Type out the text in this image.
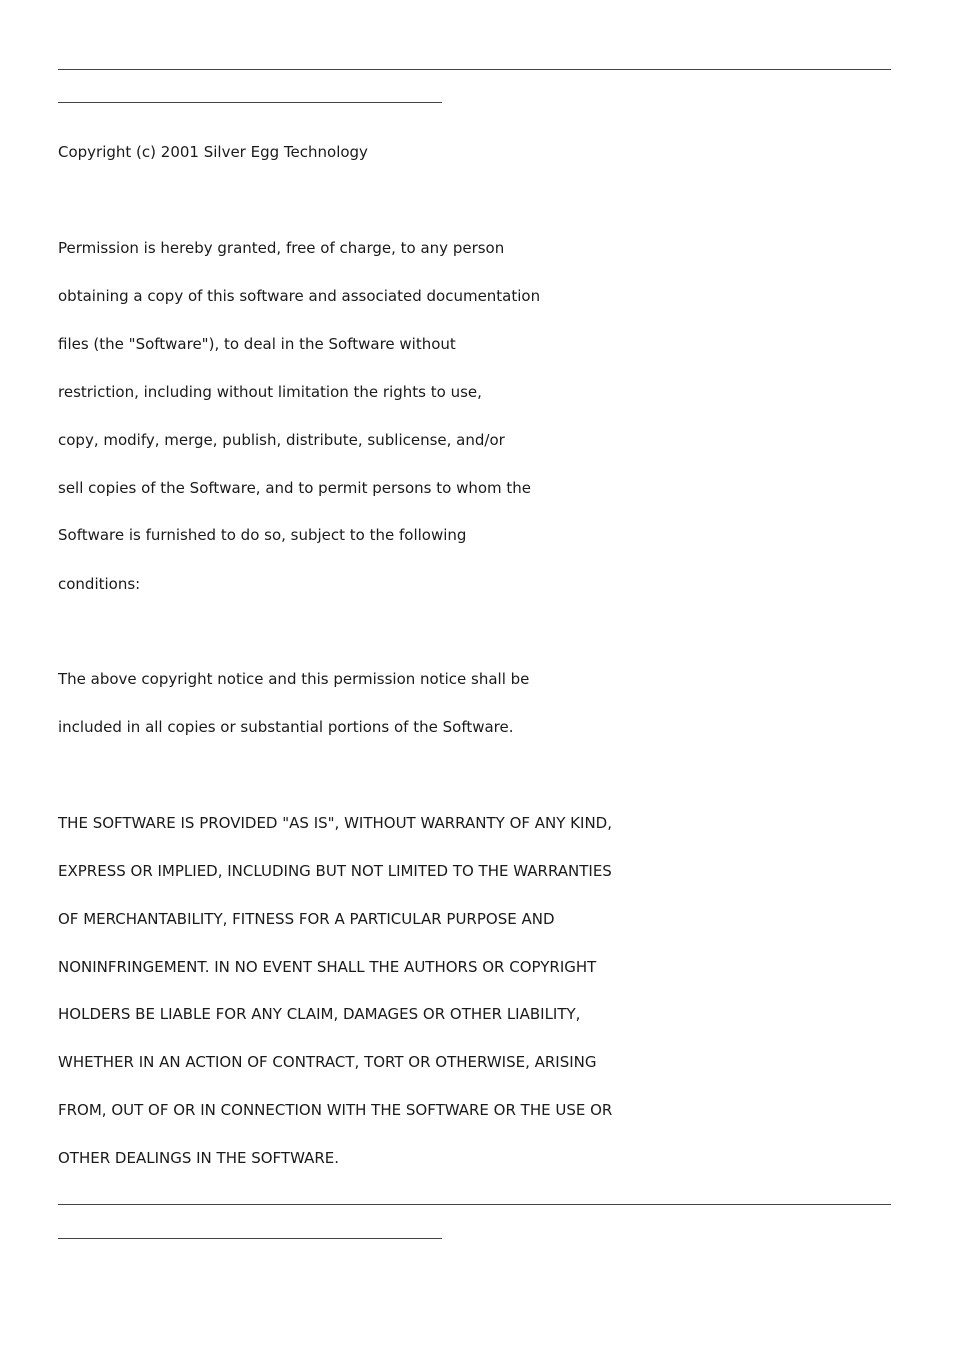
Copyright (c) 2001 Silver Egg Technology
Permission is hereby granted, free of charge, to any person
obtaining a copy of this software and associated documentation
files (the "Software"), to deal in the Software without
restriction, including without limitation the rights to use,
copy, modify, merge, publish, distribute, sublicense, and/or
sell copies of the Software, and to permit persons to whom the
Software is furnished to do so, subject to the following
conditions:
The above copyright notice and this permission notice shall be
included in all copies or substantial portions of the Software.
THE SOFTWARE IS PROVIDED "AS IS", WITHOUT WARRANTY OF ANY KIND,
EXPRESS OR IMPLIED, INCLUDING BUT NOT LIMITED TO THE WARRANTIES
OF MERCHANTABILITY, FITNESS FOR A PARTICULAR PURPOSE AND
NONINFRINGEMENT. IN NO EVENT SHALL THE AUTHORS OR COPYRIGHT
HOLDERS BE LIABLE FOR ANY CLAIM, DAMAGES OR OTHER LIABILITY,
WHETHER IN AN ACTION OF CONTRACT, TORT OR OTHERWISE, ARISING
FROM, OUT OF OR IN CONNECTION WITH THE SOFTWARE OR THE USE OR
OTHER DEALINGS IN THE SOFTWARE.
